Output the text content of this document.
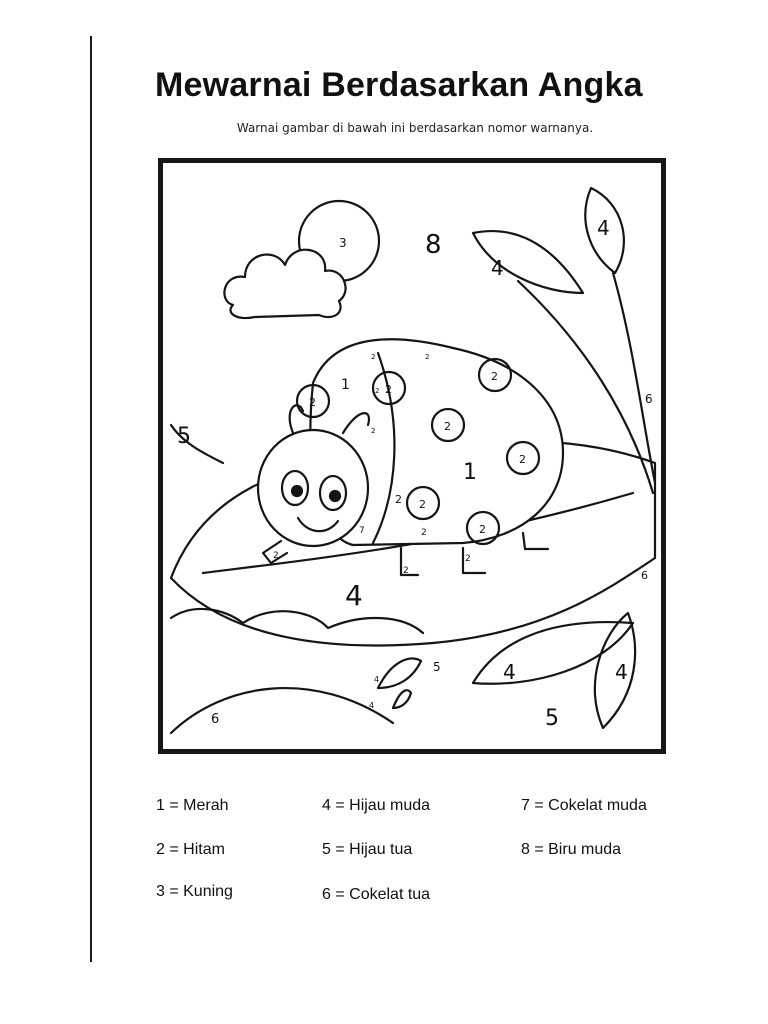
Mewarnai Berdasarkan Angka
Warnai gambar di bawah ini berdasarkan nomor warnanya.
3	8
4
4
6
5
1
1
4
4	4
5
5
6
6
7
4
4
2
2
2
2
2
2
2
2
2	2
2
2
2
2
2
2
1 = Merah	4 = Hijau muda	7 = Cokelat muda
2 = Hitam	5 = Hijau tua	8 = Biru muda
3 = Kuning	6 = Cokelat tua
